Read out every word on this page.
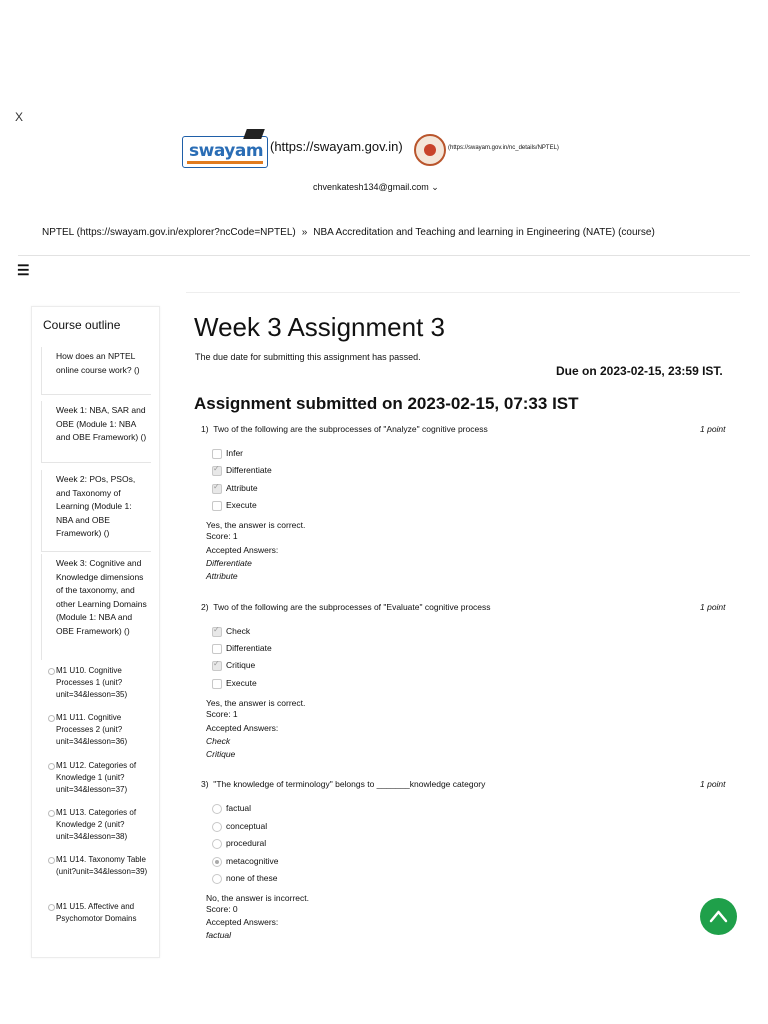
X
swayam (https://swayam.gov.in)	(https://swayam.gov.in/nc_details/NPTEL)
chvenkatesh134@gmail.com ⌄
NPTEL (https://swayam.gov.in/explorer?ncCode=NPTEL) » NBA Accreditation and Teaching and learning in Engineering (NATE) (course)
☰
Course outline
How does an NPTEL online course work? ()
Week 1: NBA, SAR and OBE (Module 1: NBA and OBE Framework) ()
Week 2: POs, PSOs, and Taxonomy of Learning (Module 1: NBA and OBE Framework) ()
Week 3: Cognitive and Knowledge dimensions of the taxonomy, and other Learning Domains (Module 1: NBA and OBE Framework) ()
M1 U10. Cognitive Processes 1 (unit?unit=34&lesson=35)
M1 U11. Cognitive Processes 2 (unit?unit=34&lesson=36)
M1 U12. Categories of Knowledge 1 (unit?unit=34&lesson=37)
M1 U13. Categories of Knowledge 2 (unit?unit=34&lesson=38)
M1 U14. Taxonomy Table (unit?unit=34&lesson=39)
M1 U15. Affective and Psychomotor Domains
Week 3 Assignment 3
The due date for submitting this assignment has passed.
Due on 2023-02-15, 23:59 IST.
Assignment submitted on 2023-02-15, 07:33 IST
1) Two of the following are the subprocesses of "Analyze" cognitive process	1 point
Infer
✓Differentiate
✓Attribute
Execute
Yes, the answer is correct.
Score: 1
Accepted Answers:
Differentiate
Attribute
2) Two of the following are the subprocesses of "Evaluate" cognitive process	1 point
✓Check
Differentiate
✓Critique
Execute
Yes, the answer is correct.
Score: 1
Accepted Answers:
Check
Critique
3) "The knowledge of terminology" belongs to _______knowledge category	1 point
factual
conceptual
procedural
metacognitive
none of these
No, the answer is incorrect.
Score: 0
Accepted Answers:
factual
